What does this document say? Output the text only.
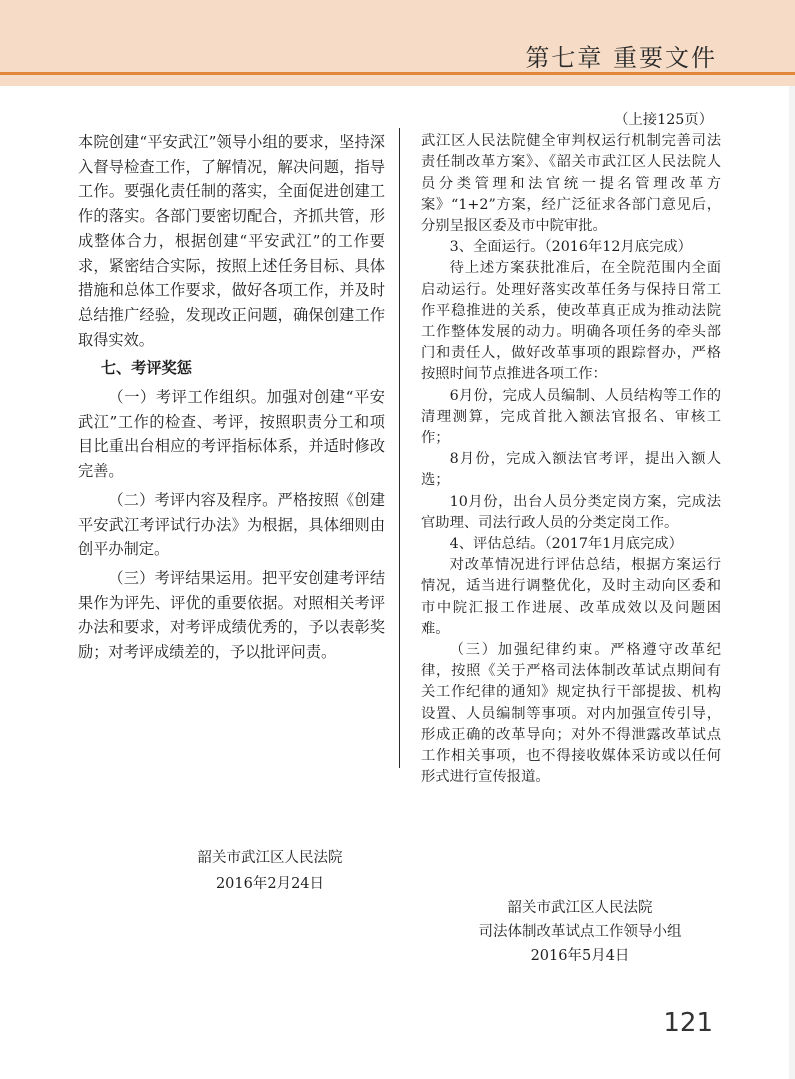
第七章 重要文件

本院创建“平安武江”领导小组的要求，坚持深入督导检查工作，了解情况，解决问题，指导工作。要强化责任制的落实，全面促进创建工作的落实。各部门要密切配合，齐抓共管，形成整体合力，根据创建“平安武江”的工作要求，紧密结合实际，按照上述任务目标、具体措施和总体工作要求，做好各项工作，并及时总结推广经验，发现改正问题，确保创建工作取得实效。

七、考评奖惩

（一）考评工作组织。加强对创建“平安武江”工作的检查、考评，按照职责分工和项目比重出台相应的考评指标体系，并适时修改完善。

（二）考评内容及程序。严格按照《创建平安武江考评试行办法》为根据，具体细则由创平办制定。

（三）考评结果运用。把平安创建考评结果作为评先、评优的重要依据。对照相关考评办法和要求，对考评成绩优秀的，予以表彰奖励；对考评成绩差的，予以批评问责。

（上接125页）

武江区人民法院健全审判权运行机制完善司法责任制改革方案》、《韶关市武江区人民法院人员分类管理和法官统一提名管理改革方案》“1+2”方案，经广泛征求各部门意见后，分别呈报区委及市中院审批。

3、全面运行。（2016年12月底完成）

待上述方案获批准后，在全院范围内全面启动运行。处理好落实改革任务与保持日常工作平稳推进的关系，使改革真正成为推动法院工作整体发展的动力。明确各项任务的牵头部门和责任人，做好改革事项的跟踪督办，严格按照时间节点推进各项工作：

6月份，完成人员编制、人员结构等工作的清理测算，完成首批入额法官报名、审核工作；

8月份，完成入额法官考评，提出入额人选；

10月份，出台人员分类定岗方案，完成法官助理、司法行政人员的分类定岗工作。

4、评估总结。（2017年1月底完成）

对改革情况进行评估总结，根据方案运行情况，适当进行调整优化，及时主动向区委和市中院汇报工作进展、改革成效以及问题困难。

（三）加强纪律约束。严格遵守改革纪律，按照《关于严格司法体制改革试点期间有关工作纪律的通知》规定执行干部提拔、机构设置、人员编制等事项。对内加强宣传引导，形成正确的改革导向；对外不得泄露改革试点工作相关事项，也不得接收媒体采访或以任何形式进行宣传报道。

韶关市武江区人民法院
2016年2月24日
韶关市武江区人民法院
司法体制改革试点工作领导小组
2016年5月4日
121
